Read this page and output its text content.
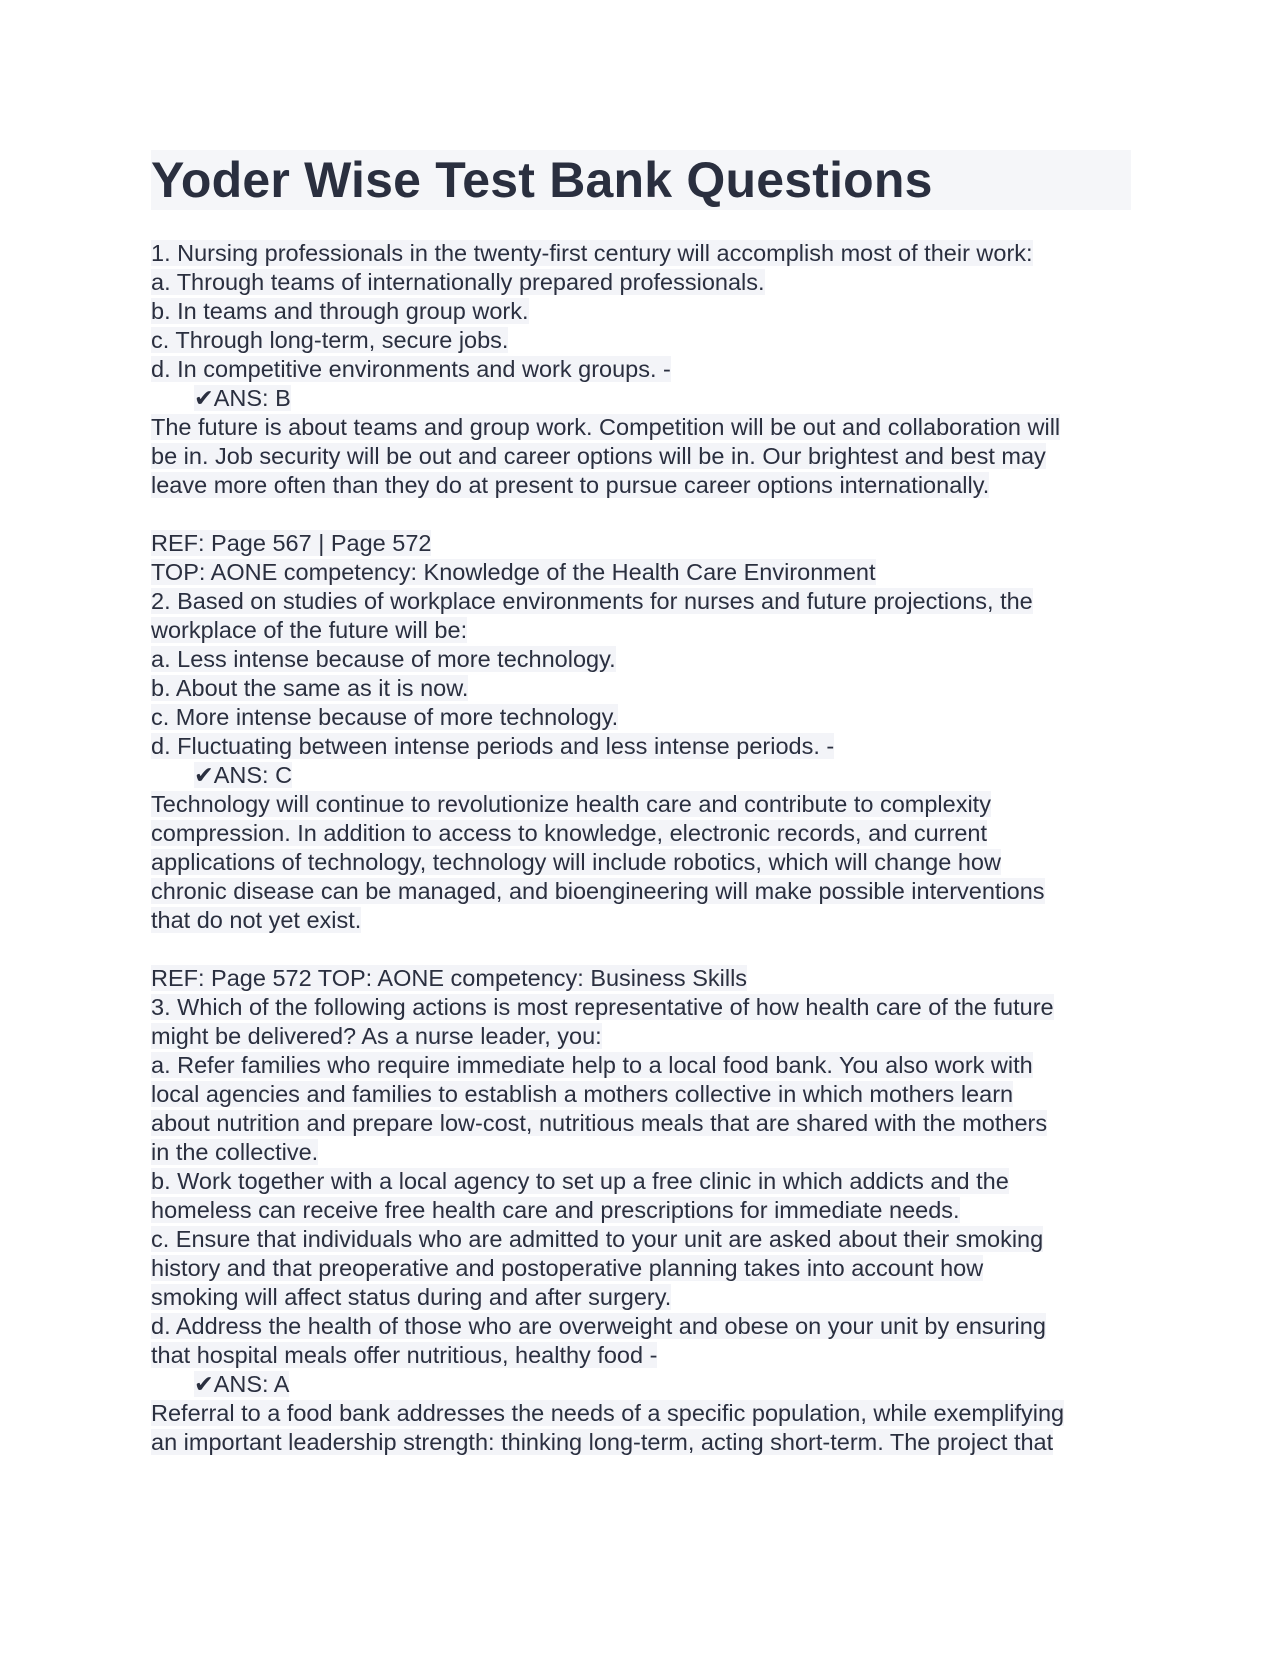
Yoder Wise Test Bank Questions
1. Nursing professionals in the twenty-first century will accomplish most of their work:
a. Through teams of internationally prepared professionals.
b. In teams and through group work.
c. Through long-term, secure jobs.
d. In competitive environments and work groups. -
✔ANS: B
The future is about teams and group work. Competition will be out and collaboration will
be in. Job security will be out and career options will be in. Our brightest and best may
leave more often than they do at present to pursue career options internationally.
REF: Page 567 | Page 572
TOP: AONE competency: Knowledge of the Health Care Environment
2. Based on studies of workplace environments for nurses and future projections, the
workplace of the future will be:
a. Less intense because of more technology.
b. About the same as it is now.
c. More intense because of more technology.
d. Fluctuating between intense periods and less intense periods. -
✔ANS: C
Technology will continue to revolutionize health care and contribute to complexity
compression. In addition to access to knowledge, electronic records, and current
applications of technology, technology will include robotics, which will change how
chronic disease can be managed, and bioengineering will make possible interventions
that do not yet exist.
REF: Page 572 TOP: AONE competency: Business Skills
3. Which of the following actions is most representative of how health care of the future
might be delivered? As a nurse leader, you:
a. Refer families who require immediate help to a local food bank. You also work with
local agencies and families to establish a mothers collective in which mothers learn
about nutrition and prepare low-cost, nutritious meals that are shared with the mothers
in the collective.
b. Work together with a local agency to set up a free clinic in which addicts and the
homeless can receive free health care and prescriptions for immediate needs.
c. Ensure that individuals who are admitted to your unit are asked about their smoking
history and that preoperative and postoperative planning takes into account how
smoking will affect status during and after surgery.
d. Address the health of those who are overweight and obese on your unit by ensuring
that hospital meals offer nutritious, healthy food -
✔ANS: A
Referral to a food bank addresses the needs of a specific population, while exemplifying
an important leadership strength: thinking long-term, acting short-term. The project that
